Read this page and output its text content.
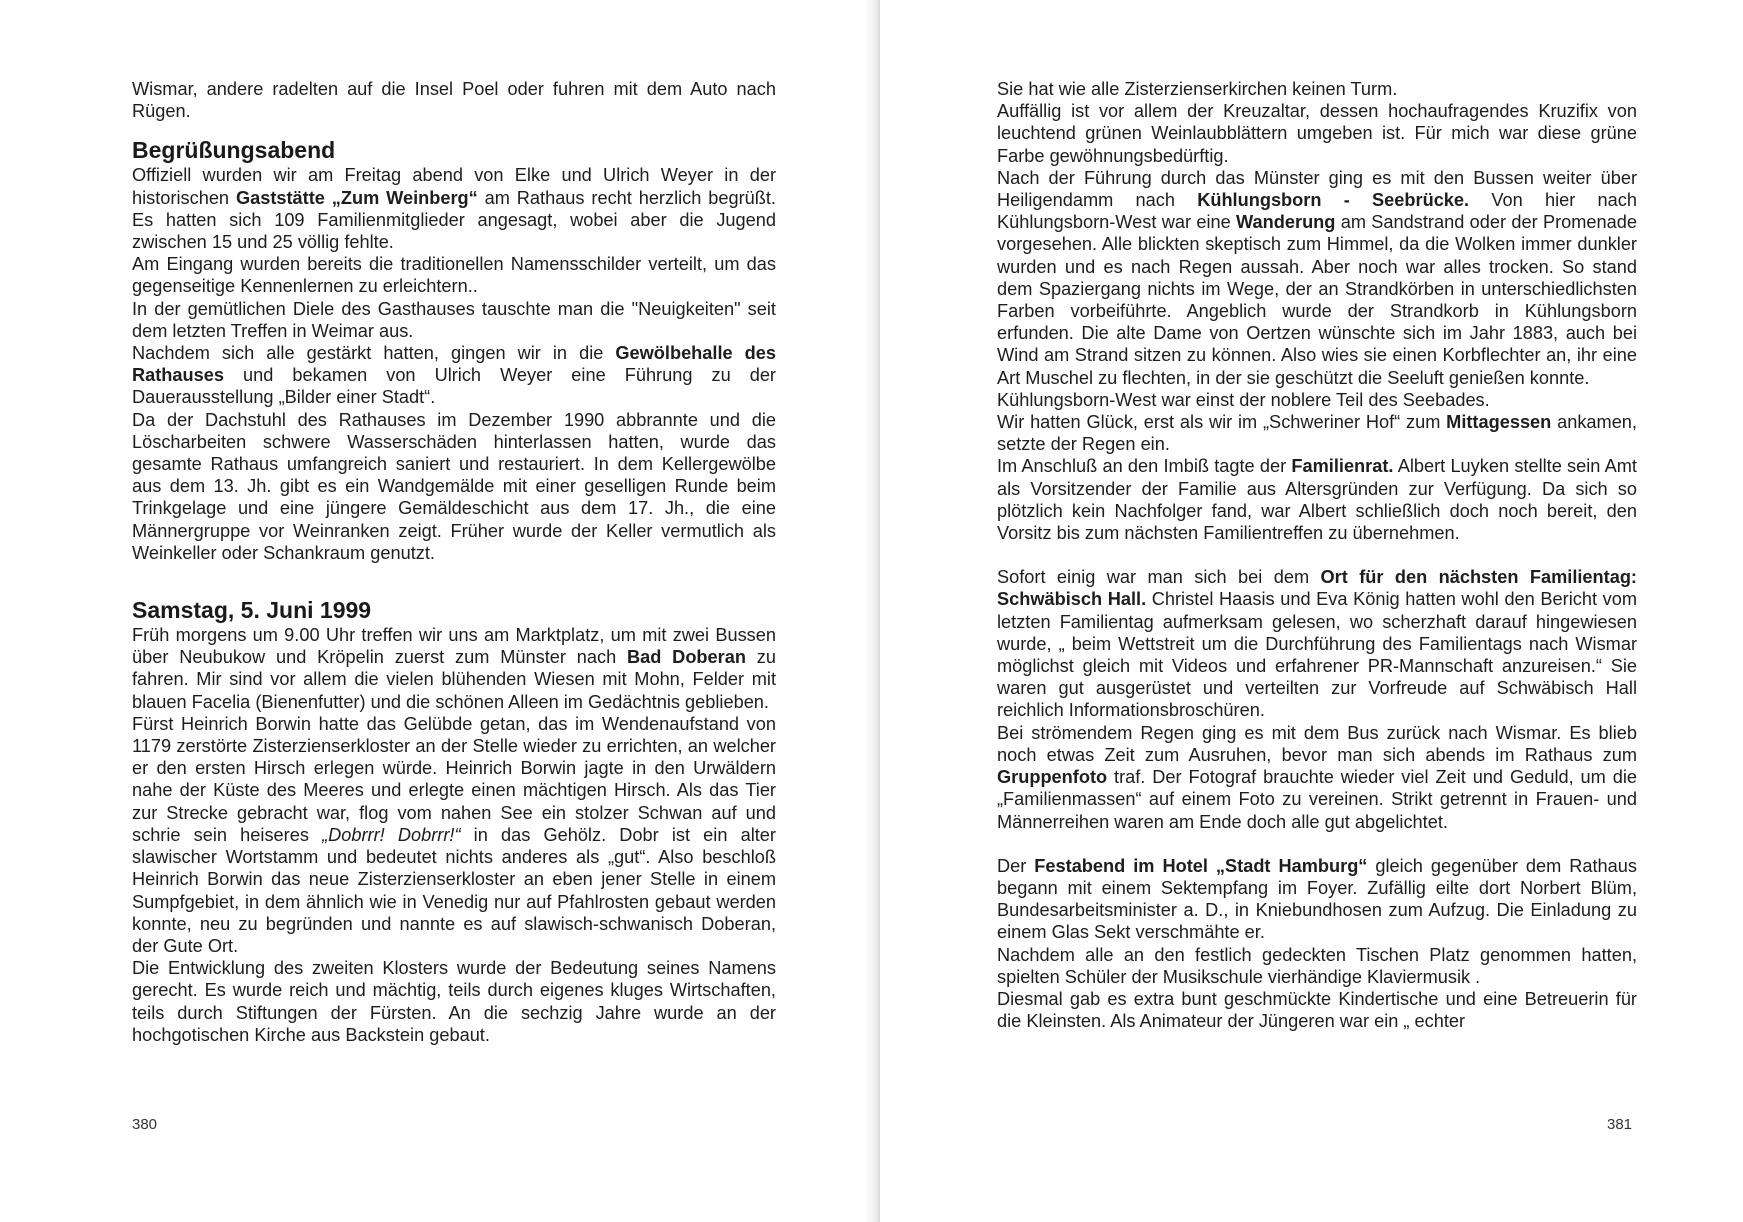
Wismar, andere radelten auf die Insel Poel oder fuhren mit dem Auto nach Rügen.

Begrüßungsabend

Offiziell wurden wir am Freitag abend von Elke und Ulrich Weyer in der historischen Gaststätte „Zum Weinberg“ am Rathaus recht herzlich begrüßt. Es hatten sich 109 Familienmitglieder angesagt, wobei aber die Jugend zwischen 15 und 25 völlig fehlte.

Am Eingang wurden bereits die traditionellen Namensschilder verteilt, um das gegenseitige Kennenlernen zu erleichtern..

In der gemütlichen Diele des Gasthauses tauschte man die "Neuigkeiten" seit dem letzten Treffen in Weimar aus.

Nachdem sich alle gestärkt hatten, gingen wir in die Gewölbehalle des Rathauses und bekamen von Ulrich Weyer eine Führung zu der Dauerausstellung „Bilder einer Stadt“.

Da der Dachstuhl des Rathauses im Dezember 1990 abbrannte und die Löscharbeiten schwere Wasserschäden hinterlassen hatten, wurde das gesamte Rathaus umfangreich saniert und restauriert. In dem Kellergewölbe aus dem 13. Jh. gibt es ein Wandgemälde mit einer geselligen Runde beim Trinkgelage und eine jüngere Gemäldeschicht aus dem 17. Jh., die eine Männergruppe vor Weinranken zeigt. Früher wurde der Keller vermutlich als Weinkeller oder Schankraum genutzt.

Samstag, 5. Juni 1999

Früh morgens um 9.00 Uhr treffen wir uns am Marktplatz, um mit zwei Bussen über Neubukow und Kröpelin zuerst zum Münster nach Bad Doberan zu fahren. Mir sind vor allem die vielen blühenden Wiesen mit Mohn, Felder mit blauen Facelia (Bienenfutter) und die schönen Alleen im Gedächtnis geblieben.

Fürst Heinrich Borwin hatte das Gelübde getan, das im Wendenaufstand von 1179 zerstörte Zisterzienserkloster an der Stelle wieder zu errichten, an welcher er den ersten Hirsch erlegen würde. Heinrich Borwin jagte in den Urwäldern nahe der Küste des Meeres und erlegte einen mächtigen Hirsch. Als das Tier zur Strecke gebracht war, flog vom nahen See ein stolzer Schwan auf und schrie sein heiseres „Dobrrr! Dobrrr!“ in das Gehölz. Dobr ist ein alter slawischer Wortstamm und bedeutet nichts anderes als „gut“. Also beschloß Heinrich Borwin das neue Zisterzienserkloster an eben jener Stelle in einem Sumpfgebiet, in dem ähnlich wie in Venedig nur auf Pfahlrosten gebaut werden konnte, neu zu begründen und nannte es auf slawisch-schwanisch Doberan, der Gute Ort.

Die Entwicklung des zweiten Klosters wurde der Bedeutung seines Namens gerecht. Es wurde reich und mächtig, teils durch eigenes kluges Wirtschaften, teils durch Stiftungen der Fürsten. An die sechzig Jahre wurde an der hochgotischen Kirche aus Backstein gebaut.

380

Sie hat wie alle Zisterzienserkirchen keinen Turm.

Auffällig ist vor allem der Kreuzaltar, dessen hochaufragendes Kruzifix von leuchtend grünen Weinlaubblättern umgeben ist. Für mich war diese grüne Farbe gewöhnungsbedürftig.

Nach der Führung durch das Münster ging es mit den Bussen weiter über Heiligendamm nach Kühlungsborn - Seebrücke. Von hier nach Kühlungsborn-West war eine Wanderung am Sandstrand oder der Promenade vorgesehen. Alle blickten skeptisch zum Himmel, da die Wolken immer dunkler wurden und es nach Regen aussah. Aber noch war alles trocken. So stand dem Spaziergang nichts im Wege, der an Strandkörben in unterschiedlichsten Farben vorbeiführte. Angeblich wurde der Strandkorb in Kühlungsborn erfunden. Die alte Dame von Oertzen wünschte sich im Jahr 1883, auch bei Wind am Strand sitzen zu können. Also wies sie einen Korbflechter an, ihr eine Art Muschel zu flechten, in der sie geschützt die Seeluft genießen konnte.

Kühlungsborn-West war einst der noblere Teil des Seebades.

Wir hatten Glück, erst als wir im „Schweriner Hof“ zum Mittagessen ankamen, setzte der Regen ein.

Im Anschluß an den Imbiß tagte der Familienrat. Albert Luyken stellte sein Amt als Vorsitzender der Familie aus Altersgründen zur Verfügung. Da sich so plötzlich kein Nachfolger fand, war Albert schließlich doch noch bereit, den Vorsitz bis zum nächsten Familientreffen zu übernehmen.

Sofort einig war man sich bei dem Ort für den nächsten Familientag: Schwäbisch Hall. Christel Haasis und Eva König hatten wohl den Bericht vom letzten Familientag aufmerksam gelesen, wo scherzhaft darauf hingewiesen wurde, „ beim Wettstreit um die Durchführung des Familientags nach Wismar möglichst gleich mit Videos und erfahrener PR-Mannschaft anzureisen.“ Sie waren gut ausgerüstet und verteilten zur Vorfreude auf Schwäbisch Hall reichlich Informationsbroschüren.

Bei strömendem Regen ging es mit dem Bus zurück nach Wismar. Es blieb noch etwas Zeit zum Ausruhen, bevor man sich abends im Rathaus zum Gruppenfoto traf. Der Fotograf brauchte wieder viel Zeit und Geduld, um die „Familienmassen“ auf einem Foto zu vereinen. Strikt getrennt in Frauen- und Männerreihen waren am Ende doch alle gut abgelichtet.

Der Festabend im Hotel „Stadt Hamburg“ gleich gegenüber dem Rathaus begann mit einem Sektempfang im Foyer. Zufällig eilte dort Norbert Blüm, Bundesarbeitsminister a. D., in Kniebundhosen zum Aufzug. Die Einladung zu einem Glas Sekt verschmähte er.

Nachdem alle an den festlich gedeckten Tischen Platz genommen hatten, spielten Schüler der Musikschule vierhändige Klaviermusik .

Diesmal gab es extra bunt geschmückte Kindertische und eine Betreuerin für die Kleinsten. Als Animateur der Jüngeren war ein „ echter

381
